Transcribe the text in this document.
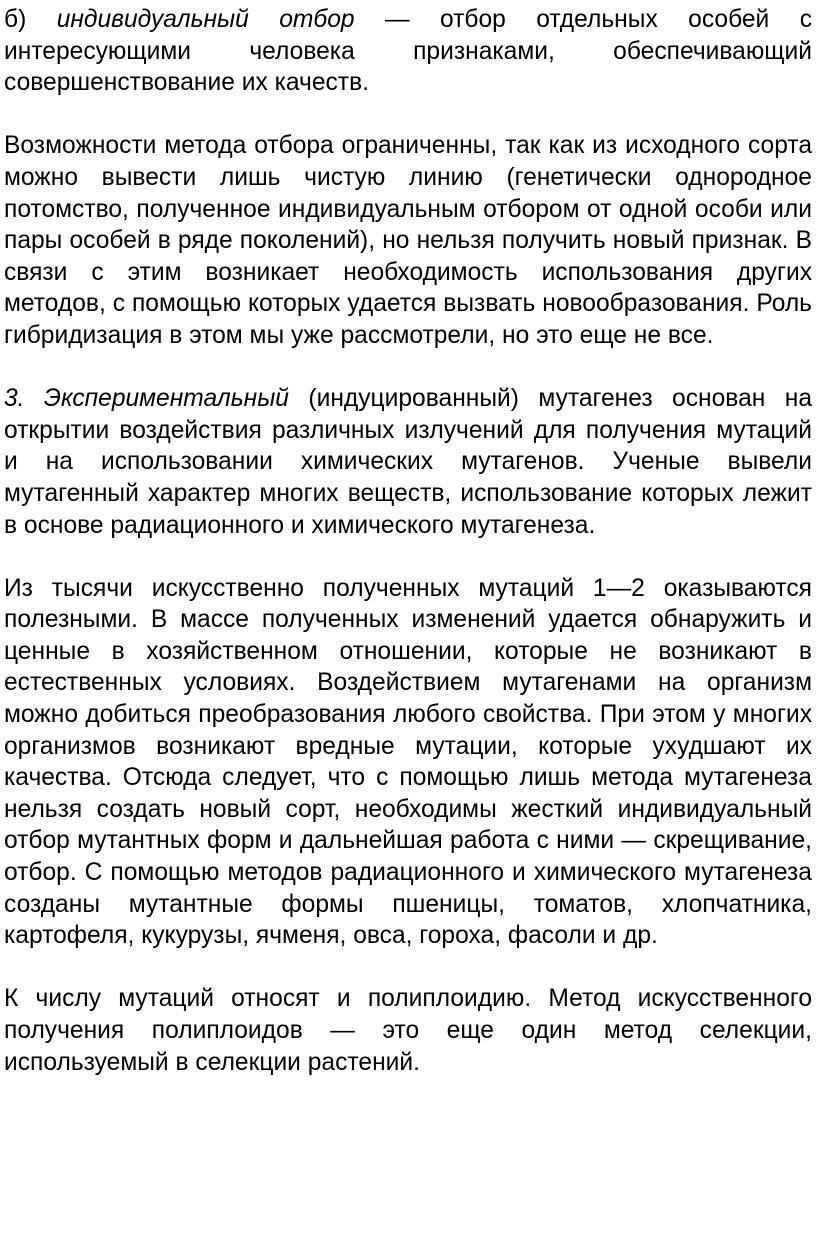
б) индивидуальный отбор — отбор отдельных особей с интересующими человека признаками, обеспечивающий совершенствование их качеств.

Возможности метода отбора ограниченны, так как из исходного сорта можно вывести лишь чистую линию (генетически однородное потомство, полученное индивидуальным отбором от одной особи или пары особей в ряде поколений), но нельзя получить новый признак. В связи с этим возникает необходимость использования других методов, с помощью которых удается вызвать новообразования. Роль гибридизация в этом мы уже рассмотрели, но это еще не все.

3. Экспериментальный (индуцированный) мутагенез основан на открытии воздействия различных излучений для получения мутаций и на использовании химических мутагенов. Ученые вывели мутагенный характер многих веществ, использование которых лежит в основе радиационного и химического мутагенеза.

Из тысячи искусственно полученных мутаций 1—2 оказываются полезными. В массе полученных изменений удается обнаружить и ценные в хозяйственном отношении, которые не возникают в естественных условиях. Воздействием мутагенами на организм можно добиться преобразования любого свойства. При этом у многих организмов возникают вредные мутации, которые ухудшают их качества. Отсюда следует, что с помощью лишь метода мутагенеза нельзя создать новый сорт, необходимы жесткий индивидуальный отбор мутантных форм и дальнейшая работа с ними — скрещивание, отбор. С помощью методов радиационного и химического мутагенеза созданы мутантные формы пшеницы, томатов, хлопчатника, картофеля, кукурузы, ячменя, овса, гороха, фасоли и др.

К числу мутаций относят и полиплоидию. Метод искусственного получения полиплоидов — это еще один метод селекции, используемый в селекции растений.
